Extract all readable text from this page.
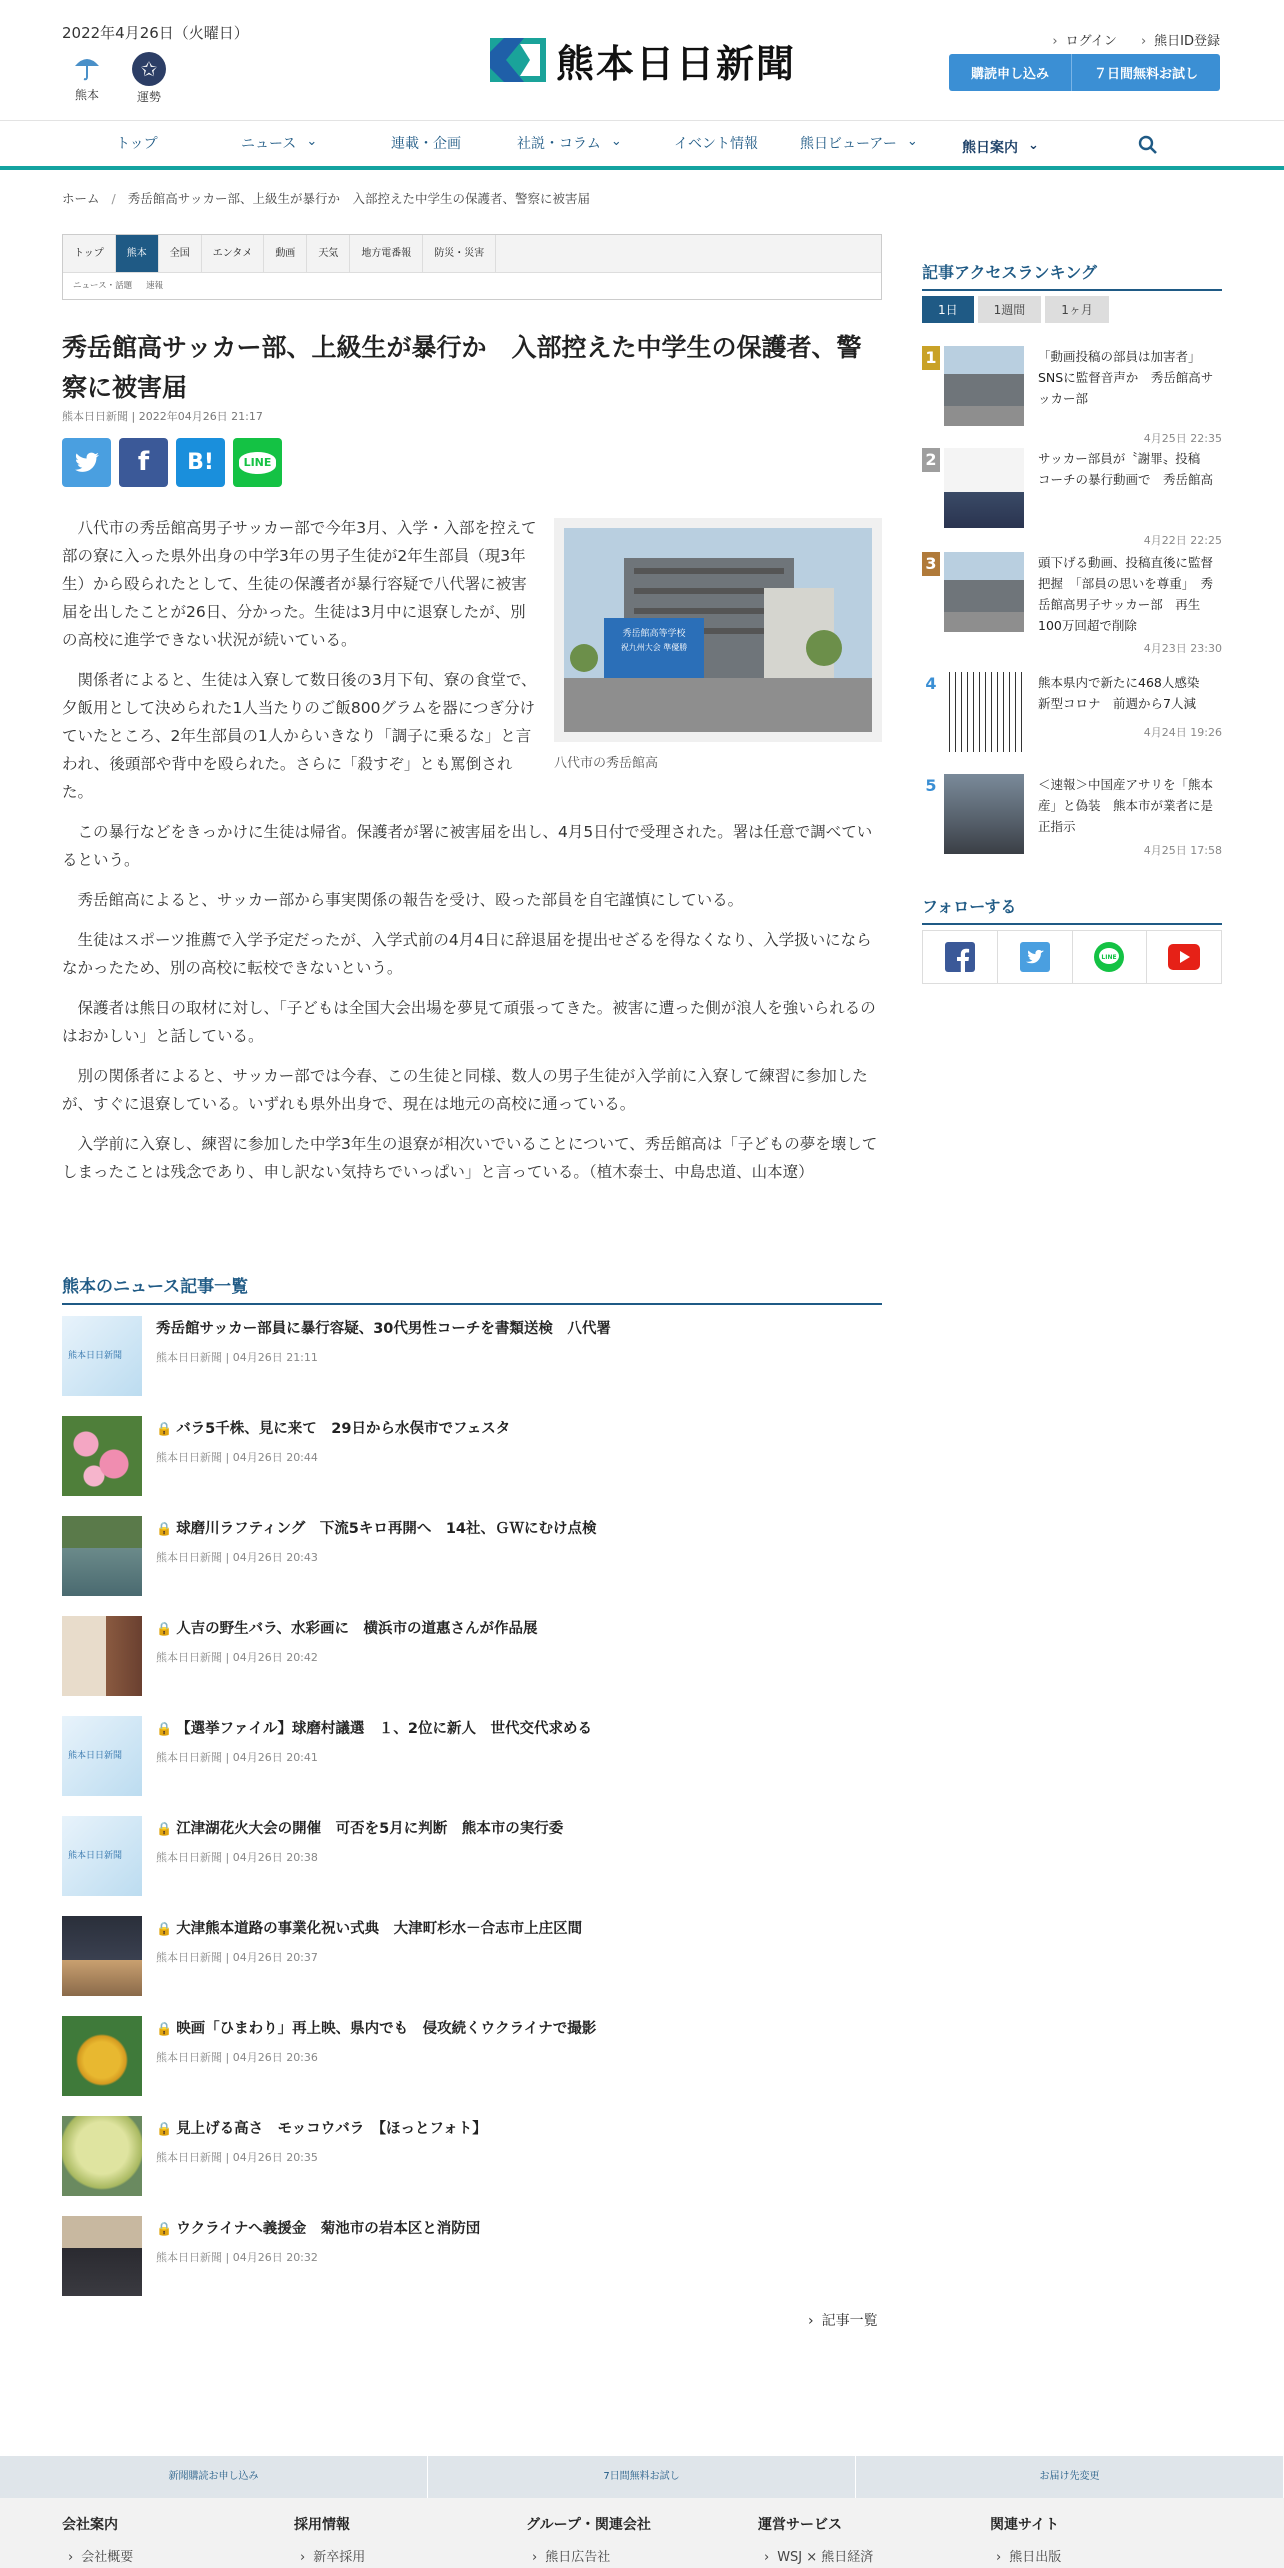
2022年4月26日（火曜日）
熊本
✩
運勢
熊本日日新聞	› ログイン	› 熊日ID登録
購読申し込み	７日間無料お試し
トップ	ニュース ⌄	連載・企画	社説・コラム ⌄	イベント情報	熊日ビューアー ⌄	熊日案内 ⌄
ホーム / 秀岳館高サッカー部、上級生が暴行か　入部控えた中学生の保護者、警察に被害届
トップ	熊本	全国	エンタメ	動画	天気	地方電番報	防災・災害
ニュース・話題 速報
秀岳館高サッカー部、上級生が暴行か　入部控えた中学生の保護者、警察に被害届
熊本日日新聞 | 2022年04月26日 21:17
f	B!	LINE
秀岳館高等学校
祝九州大会 準優勝
八代市の秀岳館高

八代市の秀岳館高男子サッカー部で今年3月、入学・入部を控えて部の寮に入った県外出身の中学3年の男子生徒が2年生部員（現3年生）から殴られたとして、生徒の保護者が暴行容疑で八代署に被害届を出したことが26日、分かった。生徒は3月中に退寮したが、別の高校に進学できない状況が続いている。

関係者によると、生徒は入寮して数日後の3月下旬、寮の食堂で、夕飯用として決められた1人当たりのご飯800グラムを器につぎ分けていたところ、2年生部員の1人からいきなり「調子に乗るな」と言われ、後頭部や背中を殴られた。さらに「殺すぞ」とも罵倒された。

この暴行などをきっかけに生徒は帰省。保護者が署に被害届を出し、4月5日付で受理された。署は任意で調べているという。

秀岳館高によると、サッカー部から事実関係の報告を受け、殴った部員を自宅謹慎にしている。

生徒はスポーツ推薦で入学予定だったが、入学式前の4月4日に辞退届を提出せざるを得なくなり、入学扱いにならなかったため、別の高校に転校できないという。

保護者は熊日の取材に対し、「子どもは全国大会出場を夢見て頑張ってきた。被害に遭った側が浪人を強いられるのはおかしい」と話している。

別の関係者によると、サッカー部では今春、この生徒と同様、数人の男子生徒が入学前に入寮して練習に参加したが、すぐに退寮している。いずれも県外出身で、現在は地元の高校に通っている。

入学前に入寮し、練習に参加した中学3年生の退寮が相次いでいることについて、秀岳館高は「子どもの夢を壊してしまったことは残念であり、申し訳ない気持ちでいっぱい」と言っている。（植木泰士、中島忠道、山本遼）

熊本のニュース記事一覧
熊本日日新聞
秀岳館サッカー部員に暴行容疑、30代男性コーチを書類送検　八代署
熊本日日新聞 | 04月26日 21:11
🔒 バラ5千株、見に来て　29日から水俣市でフェスタ
熊本日日新聞 | 04月26日 20:44
🔒 球磨川ラフティング　下流5キロ再開へ　14社、ＧＷにむけ点検
熊本日日新聞 | 04月26日 20:43
🔒 人吉の野生バラ、水彩画に　横浜市の道惠さんが作品展
熊本日日新聞 | 04月26日 20:42
熊本日日新聞
🔒 【選挙ファイル】球磨村議選　１、2位に新人　世代交代求める
熊本日日新聞 | 04月26日 20:41
熊本日日新聞
🔒 江津湖花火大会の開催　可否を5月に判断　熊本市の実行委
熊本日日新聞 | 04月26日 20:38
🔒 大津熊本道路の事業化祝い式典　大津町杉水－合志市上庄区間
熊本日日新聞 | 04月26日 20:37
🔒 映画「ひまわり」再上映、県内でも　侵攻続くウクライナで撮影
熊本日日新聞 | 04月26日 20:36
🔒 見上げる高さ　モッコウバラ　【ほっとフォト】
熊本日日新聞 | 04月26日 20:35
🔒 ウクライナへ義援金　菊池市の岩本区と消防団
熊本日日新聞 | 04月26日 20:32
› 記事一覧
記事アクセスランキング
1日	1週間	1ヶ月
1	「動画投稿の部員は加害者」 SNSに監督音声か　秀岳館高サッカー部
4月25日 22:35
2	サッカー部員が〝謝罪〟投稿　コーチの暴行動画で　秀岳館高
4月22日 22:25
3	頭下げる動画、投稿直後に監督把握　「部員の思いを尊重」　秀岳館高男子サッカー部　再生100万回超で削除
4月23日 23:30
4	熊本県内で新たに468人感染　新型コロナ　前週から7人減
4月24日 19:26
5	＜速報＞中国産アサリを「熊本産」と偽装　熊本市が業者に是正指示
4月25日 17:58
フォローする
LINE
新聞購読お申し込み	7日間無料お試し	お届け先変更
会社案内
› 会社概要
採用情報
› 新卒採用
グループ・関連会社
› 熊日広告社
運営サービス
› WSJ × 熊日経済
関連サイト
› 熊日出版
